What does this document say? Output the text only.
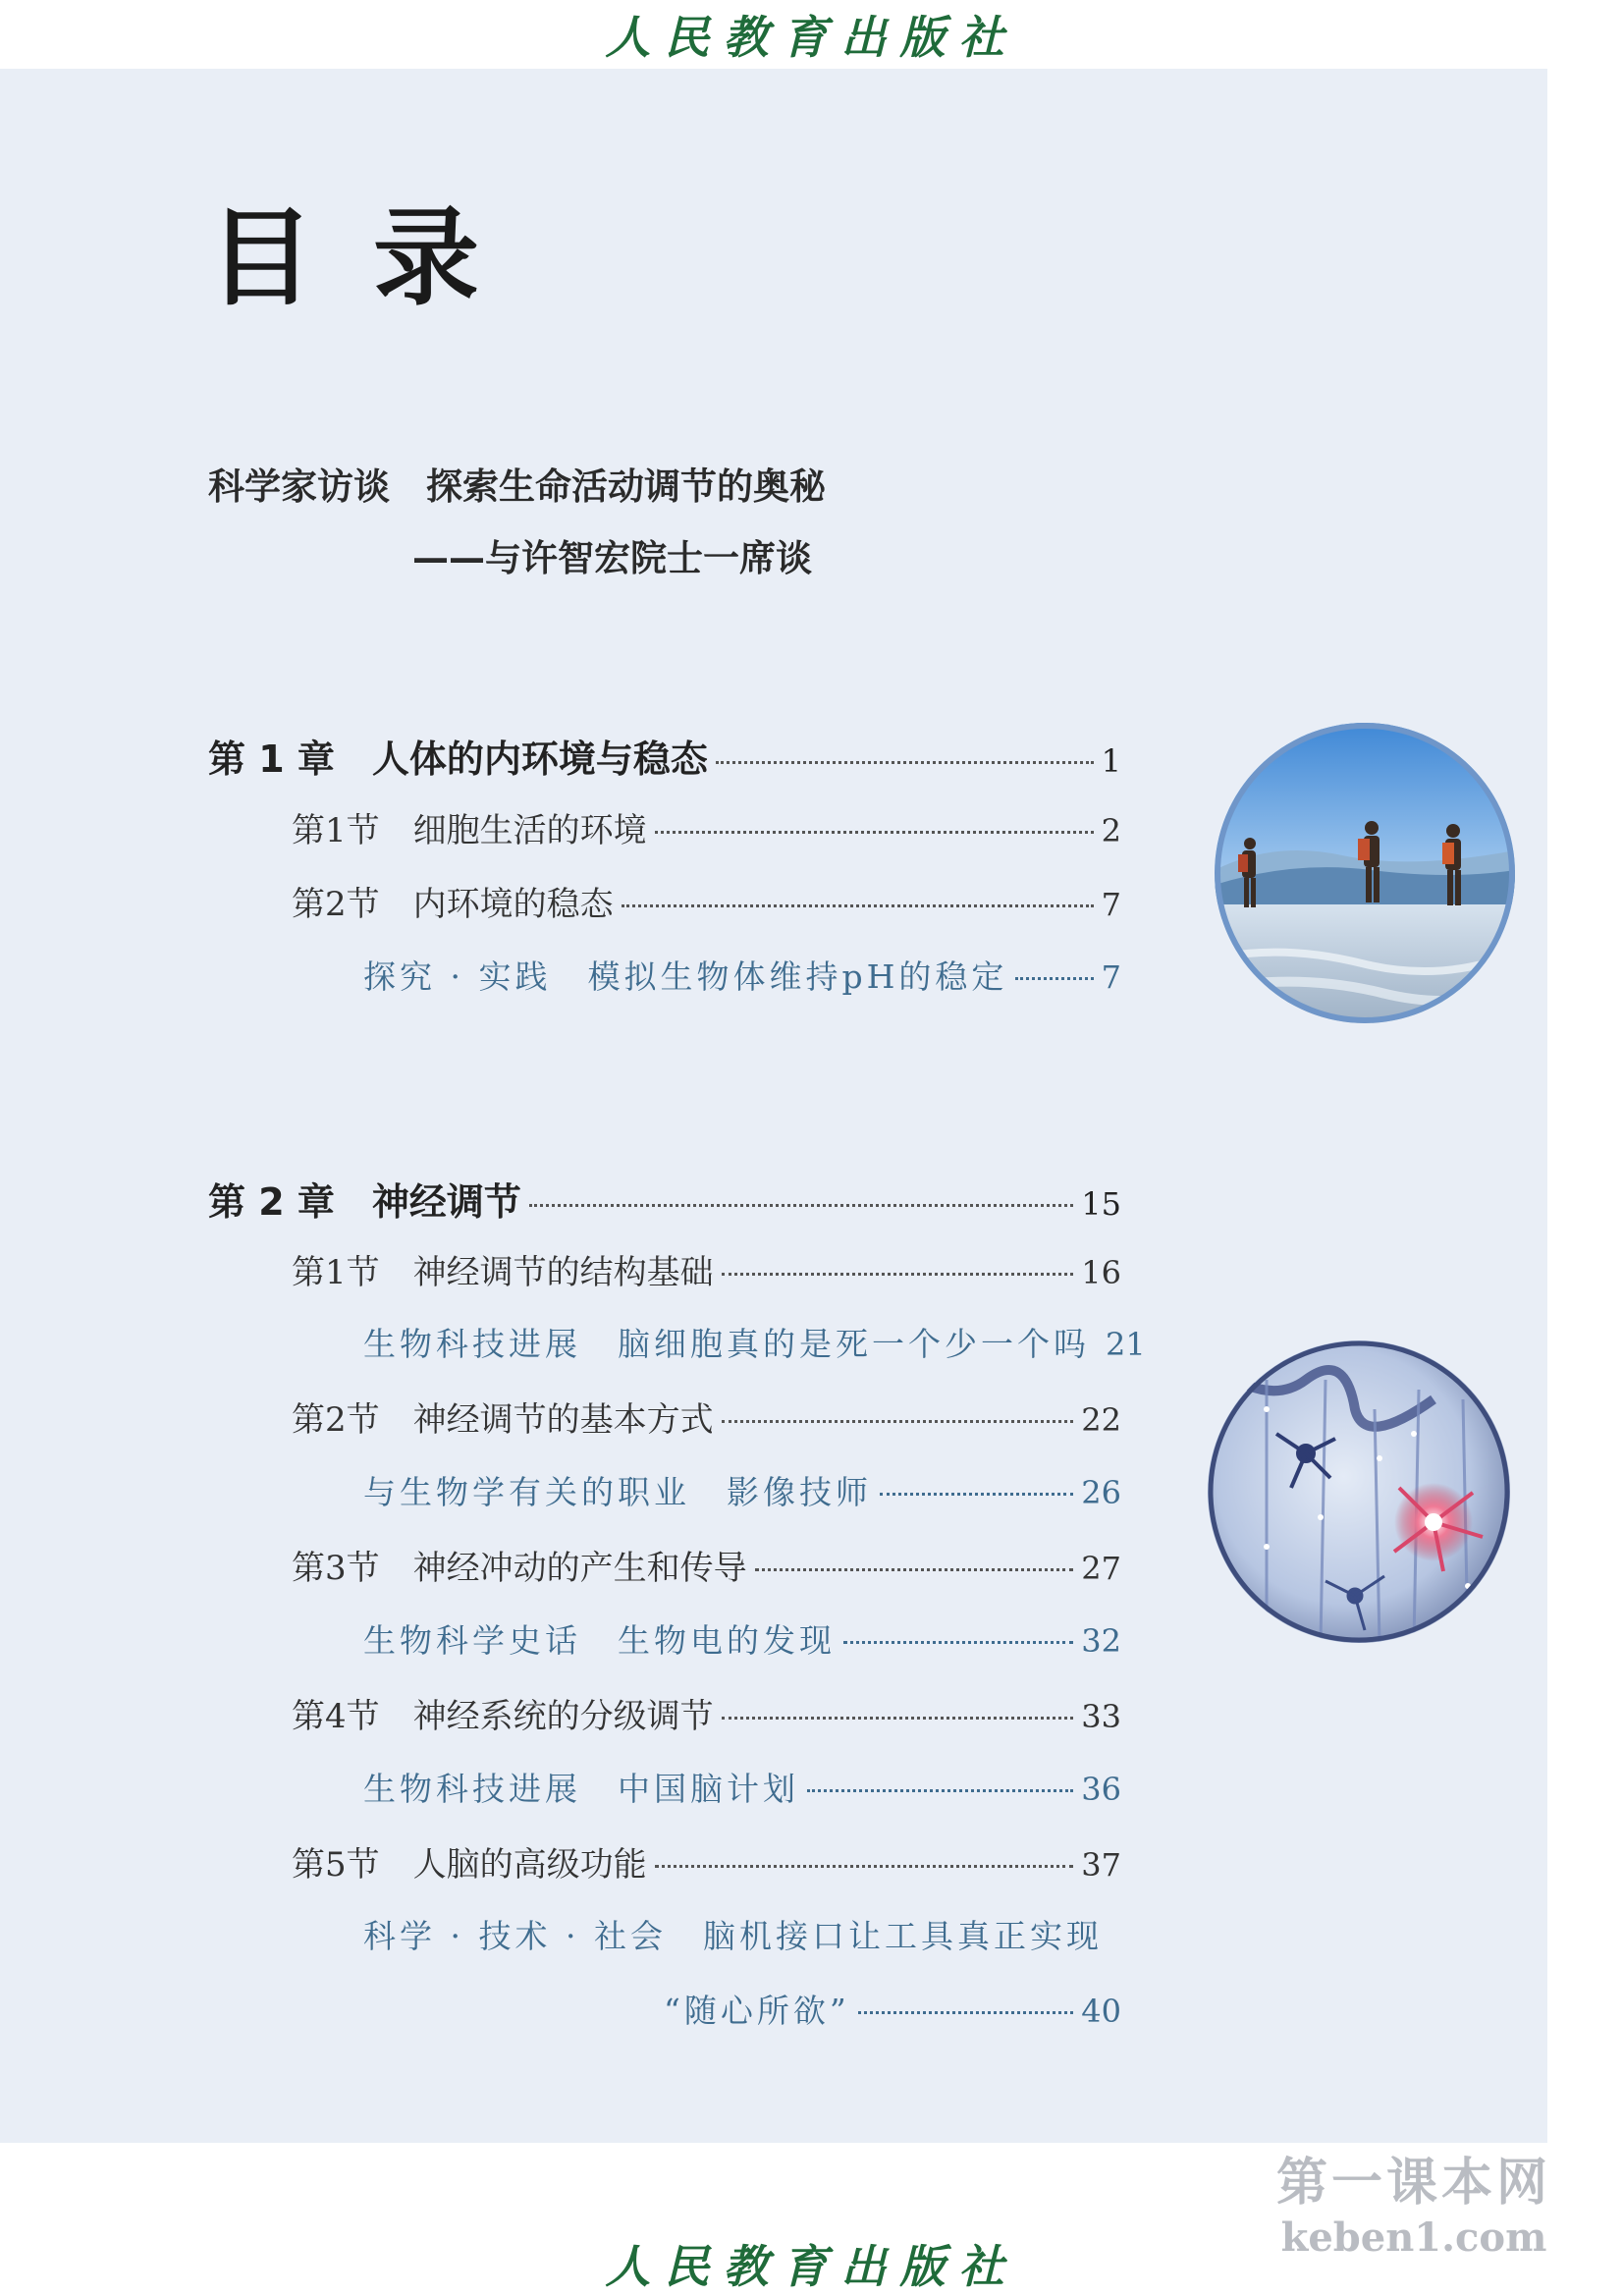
人民教育出版社
目录
科学家访谈　探索生命活动调节的奥秘
——与许智宏院士一席谈
第 1 章　人体的内环境与稳态	1
第1节　细胞生活的环境	2
第2节　内环境的稳态	7
探究 · 实践　模拟生物体维持pH的稳定	7
第 2 章　神经调节	15
第1节　神经调节的结构基础	16
生物科技进展　脑细胞真的是死一个少一个吗 21
第2节　神经调节的基本方式	22
与生物学有关的职业　影像技师	26
第3节　神经冲动的产生和传导	27
生物科学史话　生物电的发现	32
第4节　神经系统的分级调节	33
生物科技进展　中国脑计划	36
第5节　人脑的高级功能	37
科学 · 技术 · 社会　脑机接口让工具真正实现
“随心所欲”	40
第一课本网
keben1.com
人民教育出版社
